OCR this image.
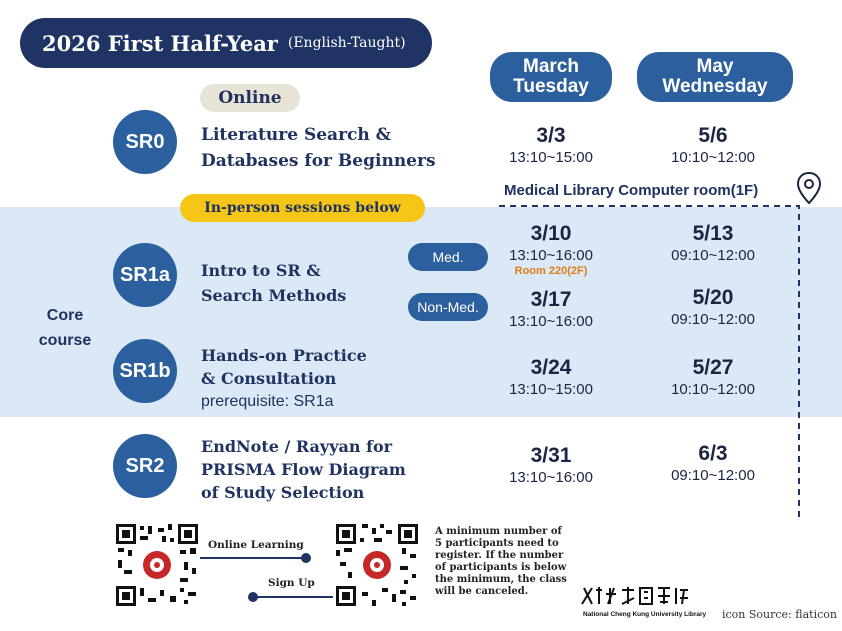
2026 First Half-Year (English-Taught)
March
Tuesday
May
Wednesday
Online
SR0	Literature Search &
Databases for Beginners
3/3
13:10~15:00
5/6
10:10~12:00
Medical Library Computer room(1F)
In-person sessions below
Core
course
SR1a	Intro to SR &
Search Methods
Med.
Non-Med.
3/10
13:10~16:00
Room 220(2F)
5/13
09:10~12:00
3/17
13:10~16:00
5/20
09:10~12:00
SR1b
Hands-on Practice
& Consultation
prerequisite: SR1a
3/24
13:10~15:00
5/27
10:10~12:00
SR2
EndNote / Rayyan for
PRISMA Flow Diagram
of Study Selection
3/31
13:10~16:00
6/3
09:10~12:00
Online Learning
Sign Up
A minimum number of 5 participants need to register. If the number of participants is below the minimum, the class will be canceled.
National Cheng Kung University Library icon Source: flaticon
